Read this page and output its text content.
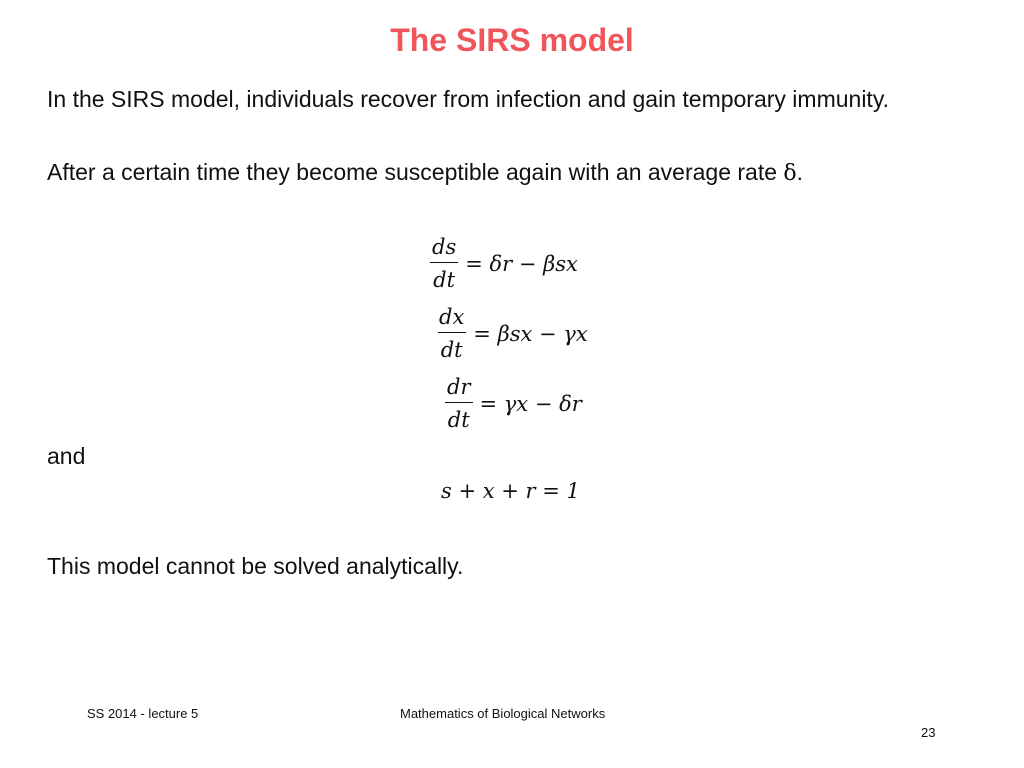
The SIRS model
In the SIRS model, individuals recover from infection and gain temporary immunity.
After a certain time they become susceptible again with an average rate δ.
$\frac{ds}{dt} = \delta r - \beta sx$
$\frac{dx}{dt} = \beta sx - \gamma x$
$\frac{dr}{dt} = \gamma x - \delta r$
and
s + x + r = 1
This model cannot be solved analytically.
SS 2014 - lecture 5	Mathematics of Biological Networks
23
